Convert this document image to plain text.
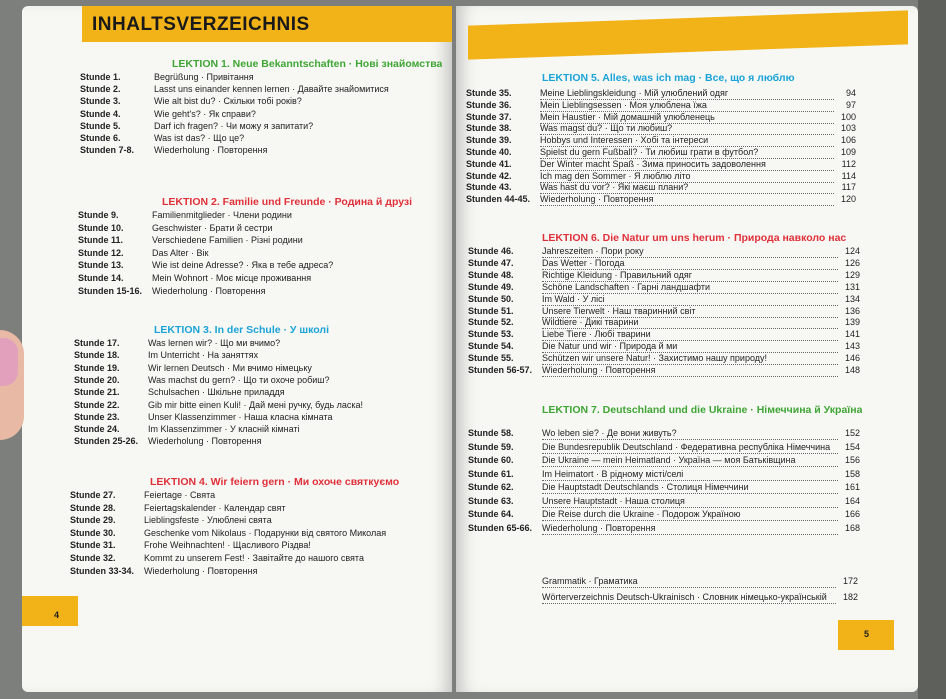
INHALTSVERZEICHNIS
LEKTION 1. Neue Bekanntschaften · Нові знайомства
Stunde 1.	Begrüßung · Привітання
Stunde 2.	Lasst uns einander kennen lernen · Давайте знайомитися
Stunde 3.	Wie alt bist du? · Скільки тобі років?
Stunde 4.	Wie geht's? · Як справи?
Stunde 5.	Darf ich fragen? · Чи можу я запитати?
Stunde 6.	Was ist das? · Що це?
Stunden 7-8. Wiederholung · Повторення
LEKTION 2. Familie und Freunde · Родина й друзі
Stunde 9.	Familienmitglieder · Члени родини
Stunde 10.	Geschwister · Брати й сестри
Stunde 11.	Verschiedene Familien · Різні родини
Stunde 12.	Das Alter · Вік
Stunde 13.	Wie ist deine Adresse? · Яка в тебе адреса?
Stunde 14.	Mein Wohnort · Моє місце проживання
Stunden 15-16. Wiederholung · Повторення
LEKTION 3. In der Schule · У школі
Stunde 17.	Was lernen wir? · Що ми вчимо?
Stunde 18.	Im Unterricht · На заняттях
Stunde 19.	Wir lernen Deutsch · Ми вчимо німецьку
Stunde 20.	Was machst du gern? · Що ти охоче робиш?
Stunde 21.	Schulsachen · Шкільне приладдя
Stunde 22.	Gib mir bitte einen Kuli! · Дай мені ручку, будь ласка!
Stunde 23.	Unser Klassenzimmer · Наша класна кімната
Stunde 24.	Im Klassenzimmer · У класній кімнаті
Stunden 25-26. Wiederholung · Повторення
LEKTION 4. Wir feiern gern · Ми охоче святкуємо
Stunde 27.	Feiertage · Свята
Stunde 28.	Feiertagskalender · Календар свят
Stunde 29.	Lieblingsfeste · Улюблені свята
Stunde 30.	Geschenke vom Nikolaus · Подарунки від святого Миколая
Stunde 31.	Frohe Weihnachten! · Щасливого Різдва!
Stunde 32.	Kommt zu unserem Fest! · Завітайте до нашого свята
Stunden 33-34. Wiederholung · Повторення
4
LEKTION 5. Alles, was ich mag · Все, що я люблю
Stunde 35.	Meine Lieblingskleidung · Мій улюблений одяг	94
Stunde 36.	Mein Lieblingsessen · Моя улюблена їжа	97
Stunde 37.	Mein Haustier · Мій домашній улюбленець	100
Stunde 38.	Was magst du? · Що ти любиш?	103
Stunde 39.	Hobbys und Interessen · Хобі та інтереси	106
Stunde 40.	Spielst du gern Fußball? · Ти любиш грати в футбол?	109
Stunde 41.	Der Winter macht Spaß · Зима приносить задоволення	112
Stunde 42.	Ich mag den Sommer · Я люблю літо	114
Stunde 43.	Was hast du vor? · Які маєш плани?	117
Stunden 44-45. Wiederholung · Повторення	120
LEKTION 6. Die Natur um uns herum · Природа навколо нас
Stunde 46.	Jahreszeiten · Пори року	124
Stunde 47.	Das Wetter · Погода	126
Stunde 48.	Richtige Kleidung · Правильний одяг	129
Stunde 49.	Schöne Landschaften · Гарні ландшафти	131
Stunde 50.	Im Wald · У лісі	134
Stunde 51.	Unsere Tierwelt · Наш тваринний світ	136
Stunde 52.	Wildtiere · Дикі тварини	139
Stunde 53.	Liebe Tiere · Любі тварини	141
Stunde 54.	Die Natur und wir · Природа й ми	143
Stunde 55.	Schützen wir unsere Natur! · Захистимо нашу природу!	146
Stunden 56-57. Wiederholung · Повторення	148
LEKTION 7. Deutschland und die Ukraine · Німеччина й Україна
Stunde 58.	Wo leben sie? · Де вони живуть?	152
Stunde 59.	Die Bundesrepublik Deutschland · Федеративна республіка Німеччина 154
Stunde 60.	Die Ukraine — mein Heimatland · Україна — моя Батьківщина	156
Stunde 61.	Im Heimatort · В рідному місті/селі	158
Stunde 62.	Die Hauptstadt Deutschlands · Столиця Німеччини	161
Stunde 63.	Unsere Hauptstadt · Наша столиця	164
Stunde 64.	Die Reise durch die Ukraine · Подорож Україною	166
Stunden 65-66. Wiederholung · Повторення	168
Grammatik · Граматика	172
Wörterverzeichnis Deutsch-Ukrainisch · Словник німецько-українській 182
5
